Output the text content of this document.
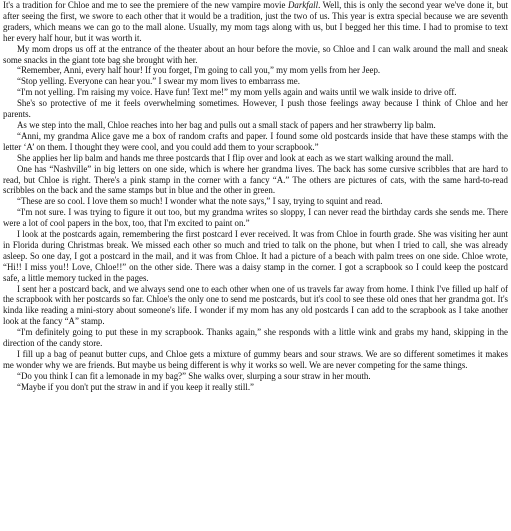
It's a tradition for Chloe and me to see the premiere of the new vampire movie Darkfall. Well, this is only the second year we've done it, but after seeing the first, we swore to each other that it would be a tradition, just the two of us. This year is extra special because we are seventh graders, which means we can go to the mall alone. Usually, my mom tags along with us, but I begged her this time. I had to promise to text her every half hour, but it was worth it.

My mom drops us off at the entrance of the theater about an hour before the movie, so Chloe and I can walk around the mall and sneak some snacks in the giant tote bag she brought with her.

“Remember, Anni, every half hour! If you forget, I'm going to call you,” my mom yells from her Jeep.

“Stop yelling. Everyone can hear you.” I swear my mom lives to embarrass me.

“I'm not yelling. I'm raising my voice. Have fun! Text me!” my mom yells again and waits until we walk inside to drive off.

She's so protective of me it feels overwhelming sometimes. However, I push those feelings away because I think of Chloe and her parents.

As we step into the mall, Chloe reaches into her bag and pulls out a small stack of papers and her strawberry lip balm.

“Anni, my grandma Alice gave me a box of random crafts and paper. I found some old postcards inside that have these stamps with the letter ‘A’ on them. I thought they were cool, and you could add them to your scrapbook.”

She applies her lip balm and hands me three postcards that I flip over and look at each as we start walking around the mall.

One has “Nashville” in big letters on one side, which is where her grandma lives. The back has some cursive scribbles that are hard to read, but Chloe is right. There's a pink stamp in the corner with a fancy “A.” The others are pictures of cats, with the same hard-to-read scribbles on the back and the same stamps but in blue and the other in green.

“These are so cool. I love them so much! I wonder what the note says,” I say, trying to squint and read.

“I'm not sure. I was trying to figure it out too, but my grandma writes so sloppy, I can never read the birthday cards she sends me. There were a lot of cool papers in the box, too, that I'm excited to paint on.”

I look at the postcards again, remembering the first postcard I ever received. It was from Chloe in fourth grade. She was visiting her aunt in Florida during Christmas break. We missed each other so much and tried to talk on the phone, but when I tried to call, she was already asleep. So one day, I got a postcard in the mail, and it was from Chloe. It had a picture of a beach with palm trees on one side. Chloe wrote, “Hi!! I miss you!! Love, Chloe!!” on the other side. There was a daisy stamp in the corner. I got a scrapbook so I could keep the postcard safe, a little memory tucked in the pages.

I sent her a postcard back, and we always send one to each other when one of us travels far away from home. I think I've filled up half of the scrapbook with her postcards so far. Chloe's the only one to send me postcards, but it's cool to see these old ones that her grandma got. It's kinda like reading a mini-story about someone's life. I wonder if my mom has any old postcards I can add to the scrapbook as I take another look at the fancy “A” stamp.

“I'm definitely going to put these in my scrapbook. Thanks again,” she responds with a little wink and grabs my hand, skipping in the direction of the candy store.

I fill up a bag of peanut butter cups, and Chloe gets a mixture of gummy bears and sour straws. We are so different sometimes it makes me wonder why we are friends. But maybe us being different is why it works so well. We are never competing for the same things.

“Do you think I can fit a lemonade in my bag?” She walks over, slurping a sour straw in her mouth.

“Maybe if you don't put the straw in and if you keep it really still.”
